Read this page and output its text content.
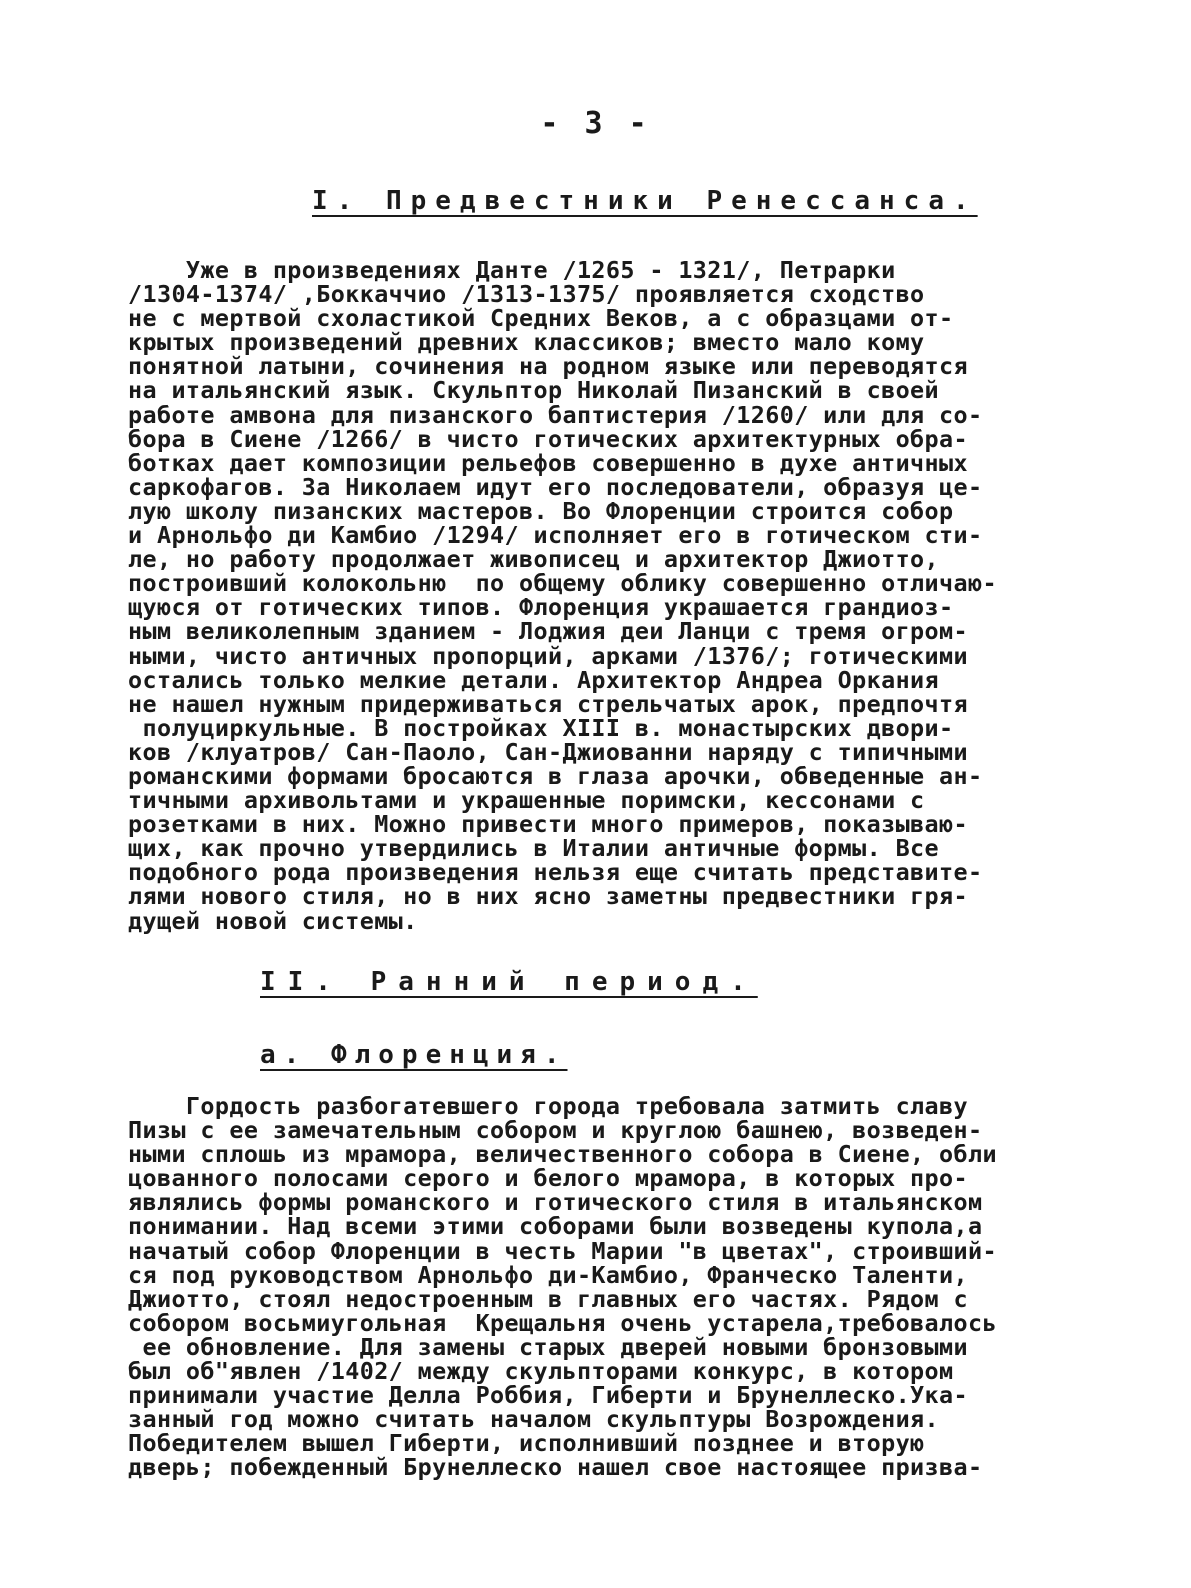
- 3 -
I. Предвестники Ренессанса.
Уже в произведениях Данте /1265 - 1321/, Петрарки
/1304-1374/ ,Боккаччио /1313-1375/ проявляется сходство
не с мертвой схоластикой Средних Веков, а с образцами от-
крытых произведений древних классиков; вместо мало кому
понятной латыни, сочинения на родном языке или переводятся
на итальянский язык. Скульптор Николай Пизанский в своей
работе амвона для пизанского баптистерия /1260/ или для со-
бора в Сиене /1266/ в чисто готических архитектурных обра-
ботках дает композиции рельефов совершенно в духе античных
саркофагов. За Николаем идут его последователи, образуя це-
лую школу пизанских мастеров. Во Флоренции строится собор
и Арнольфо ди Камбио /1294/ исполняет его в готическом сти-
ле, но работу продолжает живописец и архитектор Джиотто,
построивший колокольню  по общему облику совершенно отличаю-
щуюся от готических типов. Флоренция украшается грандиоз-
ным великолепным зданием - Лоджия деи Ланци с тремя огром-
ными, чисто античных пропорций, арками /1376/; готическими
остались только мелкие детали. Архитектор Андреа Оркания
не нашел нужным придерживаться стрельчатых арок, предпочтя
полуциркульные. В постройках XIII в. монастырских двори-
ков /клуатров/ Сан-Паоло, Сан-Джиованни наряду с типичными
романскими формами бросаются в глаза арочки, обведенные ан-
тичными архивольтами и украшенные поримски, кессонами с
розетками в них. Можно привести много примеров, показываю-
щих, как прочно утвердились в Италии античные формы. Все
подобного рода произведения нельзя еще считать представите-
лями нового стиля, но в них ясно заметны предвестники гря-
дущей новой системы.
II. Ранний период.
а. Флоренция.
Гордость разбогатевшего города требовала затмить славу
Пизы с ее замечательным собором и круглою башнею, возведен-
ными сплошь из мрамора, величественного собора в Сиене, обли
цованного полосами серого и белого мрамора, в которых про-
являлись формы романского и готического стиля в итальянском
понимании. Над всеми этими соборами были возведены купола,а
начатый собор Флоренции в честь Марии "в цветах", строивший-
ся под руководством Арнольфо ди-Камбио, Франческо Таленти,
Джиотто, стоял недостроенным в главных его частях. Рядом с
собором восьмиугольная  Крещальня очень устарела,требовалось
ее обновление. Для замены старых дверей новыми бронзовыми
был об"явлен /1402/ между скульпторами конкурс, в котором
принимали участие Делла Роббия, Гиберти и Брунеллеско.Ука-
занный год можно считать началом скульптуры Возрождения.
Победителем вышел Гиберти, исполнивший позднее и вторую
дверь; побежденный Брунеллеско нашел свое настоящее призва-
